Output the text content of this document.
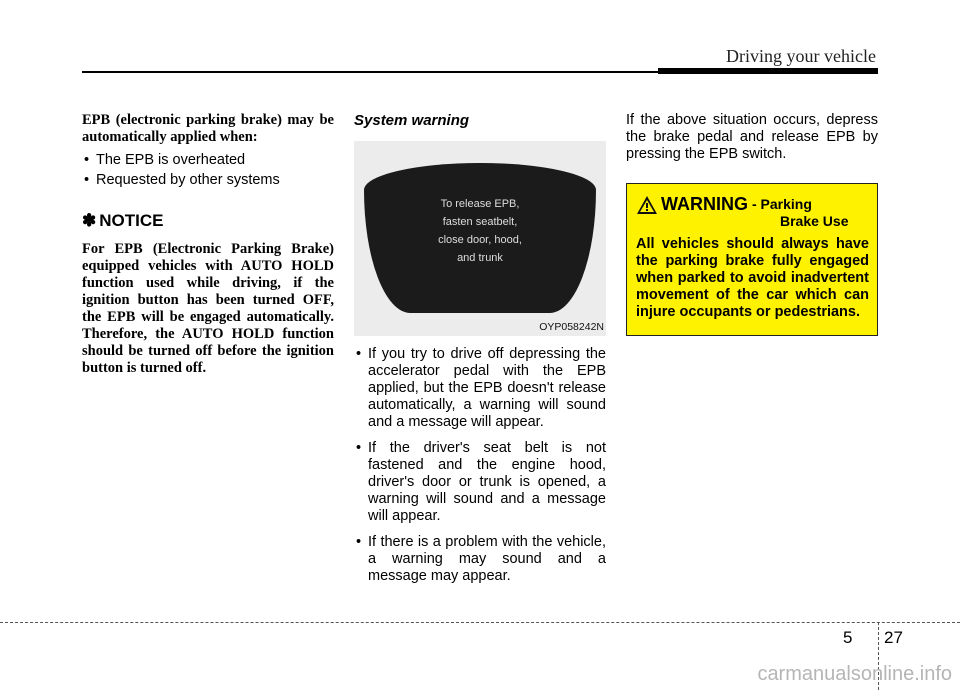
Driving your vehicle

EPB (electronic parking brake) may be automatically applied when:

• The EPB is overheated
• Requested by other systems
✽ NOTICE

For EPB (Electronic Parking Brake) equipped vehicles with AUTO HOLD function used while driving, if the ignition button has been turned OFF, the EPB will be engaged automatically. Therefore, the AUTO HOLD function should be turned off before the ignition button is turned off.

System warning
To release EPB,
fasten seatbelt,
close door, hood,
and trunk
OYP058242N
• If you try to drive off depressing the accelerator pedal with the EPB applied, but the EPB doesn't release automatically, a warning will sound and a message will appear.
• If the driver's seat belt is not fastened and the engine hood, driver's door or trunk is opened, a warning will sound and a message will appear.
• If there is a problem with the vehicle, a warning may sound and a message may appear.

If the above situation occurs, depress the brake pedal and release EPB by pressing the EPB switch.

WARNING - Parking
Brake Use
All vehicles should always have the parking brake fully engaged when parked to avoid inadvertent movement of the car which can injure occupants or pedestrians.
5 27
carmanualsonline.info
